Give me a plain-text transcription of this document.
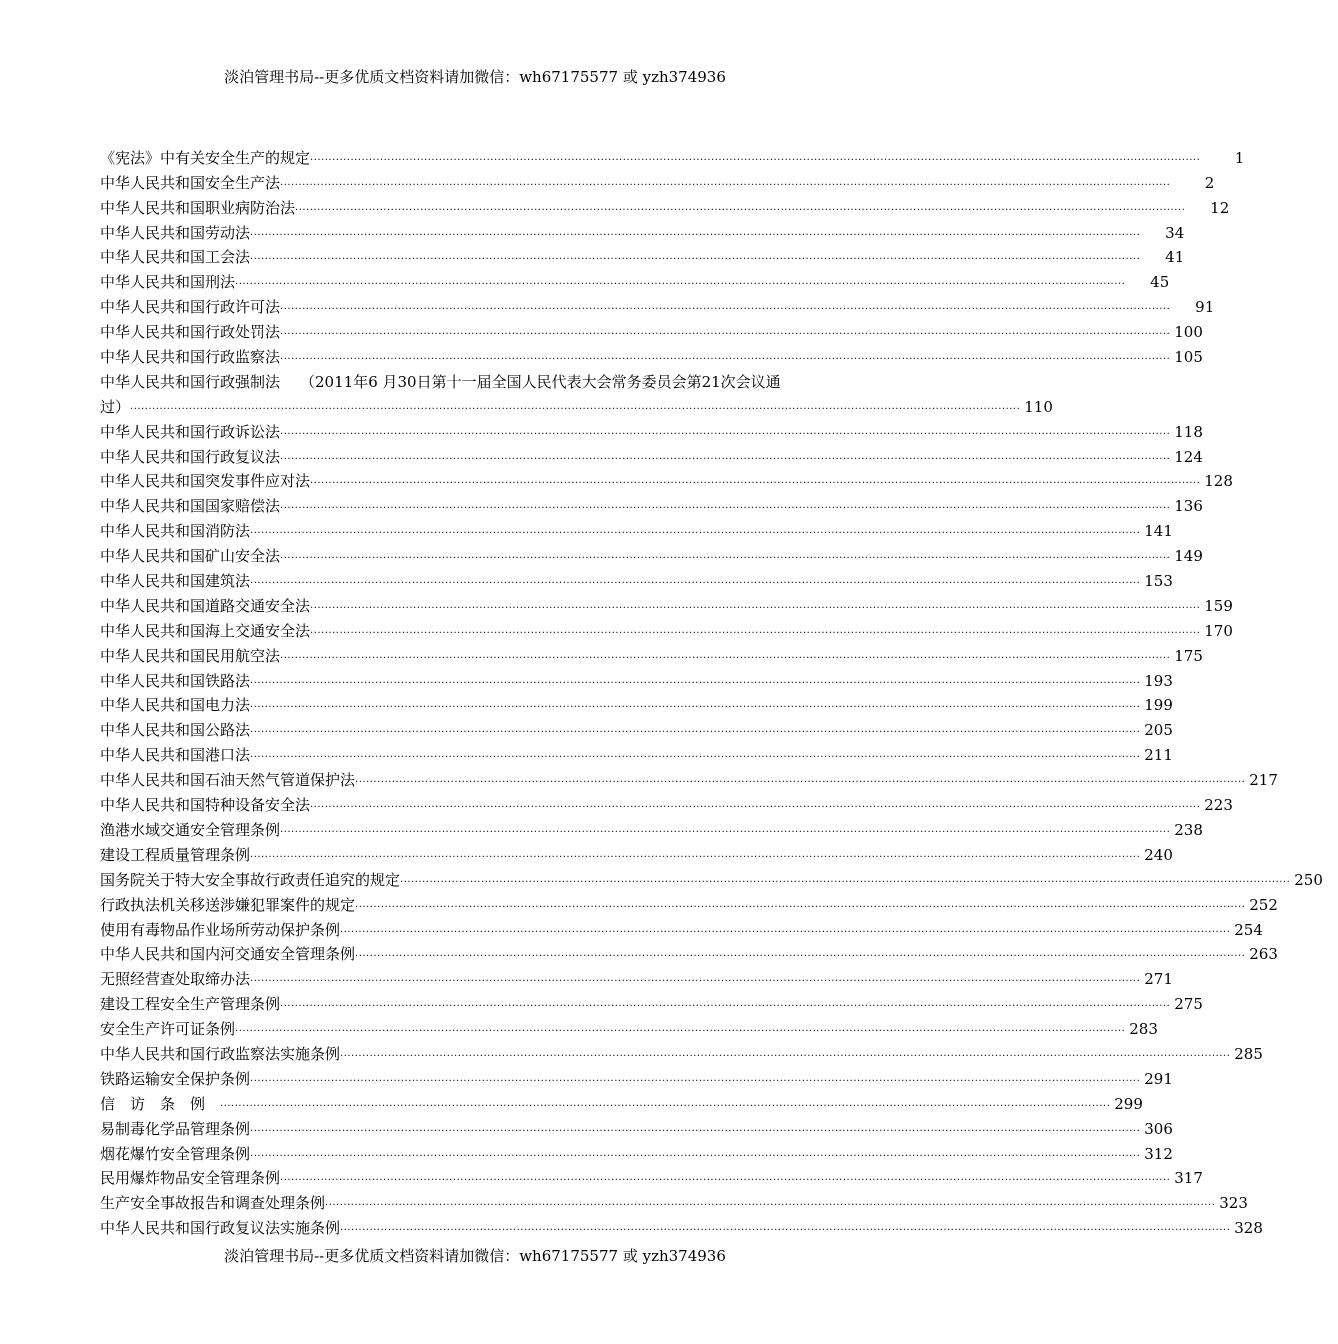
淡泊管理书局--更多优质文档资料请加微信：wh67175577 或 yzh374936
《宪法》中有关安全生产的规定 ..................................................................................................................................................................................................................................................	1
中华人民共和国安全生产法 ..................................................................................................................................................................................................................................................	2
中华人民共和国职业病防治法 ..................................................................................................................................................................................................................................................	12
中华人民共和国劳动法 ..................................................................................................................................................................................................................................................	34
中华人民共和国工会法 ..................................................................................................................................................................................................................................................	41
中华人民共和国刑法 ..................................................................................................................................................................................................................................................	45
中华人民共和国行政许可法 ..................................................................................................................................................................................................................................................	91
中华人民共和国行政处罚法 .................................................................................................................................................................................................................................................. 100
中华人民共和国行政监察法 .................................................................................................................................................................................................................................................. 105
中华人民共和国行政强制法	（2011年6 月30日第十一届全国人民代表大会常务委员会第21次会议通
过） .................................................................................................................................................................................................................................................. 110
中华人民共和国行政诉讼法 .................................................................................................................................................................................................................................................. 118
中华人民共和国行政复议法 .................................................................................................................................................................................................................................................. 124
中华人民共和国突发事件应对法 .................................................................................................................................................................................................................................................. 128
中华人民共和国国家赔偿法 .................................................................................................................................................................................................................................................. 136
中华人民共和国消防法 .................................................................................................................................................................................................................................................. 141
中华人民共和国矿山安全法 .................................................................................................................................................................................................................................................. 149
中华人民共和国建筑法 .................................................................................................................................................................................................................................................. 153
中华人民共和国道路交通安全法 .................................................................................................................................................................................................................................................. 159
中华人民共和国海上交通安全法 .................................................................................................................................................................................................................................................. 170
中华人民共和国民用航空法 .................................................................................................................................................................................................................................................. 175
中华人民共和国铁路法 .................................................................................................................................................................................................................................................. 193
中华人民共和国电力法 .................................................................................................................................................................................................................................................. 199
中华人民共和国公路法 .................................................................................................................................................................................................................................................. 205
中华人民共和国港口法 .................................................................................................................................................................................................................................................. 211
中华人民共和国石油天然气管道保护法 .................................................................................................................................................................................................................................................. 217
中华人民共和国特种设备安全法 .................................................................................................................................................................................................................................................. 223
渔港水域交通安全管理条例 .................................................................................................................................................................................................................................................. 238
建设工程质量管理条例 .................................................................................................................................................................................................................................................. 240
国务院关于特大安全事故行政责任追究的规定 .................................................................................................................................................................................................................................................. 250
行政执法机关移送涉嫌犯罪案件的规定 .................................................................................................................................................................................................................................................. 252
使用有毒物品作业场所劳动保护条例 .................................................................................................................................................................................................................................................. 254
中华人民共和国内河交通安全管理条例 .................................................................................................................................................................................................................................................. 263
无照经营查处取缔办法 .................................................................................................................................................................................................................................................. 271
建设工程安全生产管理条例 .................................................................................................................................................................................................................................................. 275
安全生产许可证条例 .................................................................................................................................................................................................................................................. 283
中华人民共和国行政监察法实施条例 .................................................................................................................................................................................................................................................. 285
铁路运输安全保护条例 .................................................................................................................................................................................................................................................. 291
信访条例 .................................................................................................................................................................................................................................................. 299
易制毒化学品管理条例 .................................................................................................................................................................................................................................................. 306
烟花爆竹安全管理条例 .................................................................................................................................................................................................................................................. 312
民用爆炸物品安全管理条例 .................................................................................................................................................................................................................................................. 317
生产安全事故报告和调查处理条例 .................................................................................................................................................................................................................................................. 323
中华人民共和国行政复议法实施条例 .................................................................................................................................................................................................................................................. 328
淡泊管理书局--更多优质文档资料请加微信：wh67175577 或 yzh374936
